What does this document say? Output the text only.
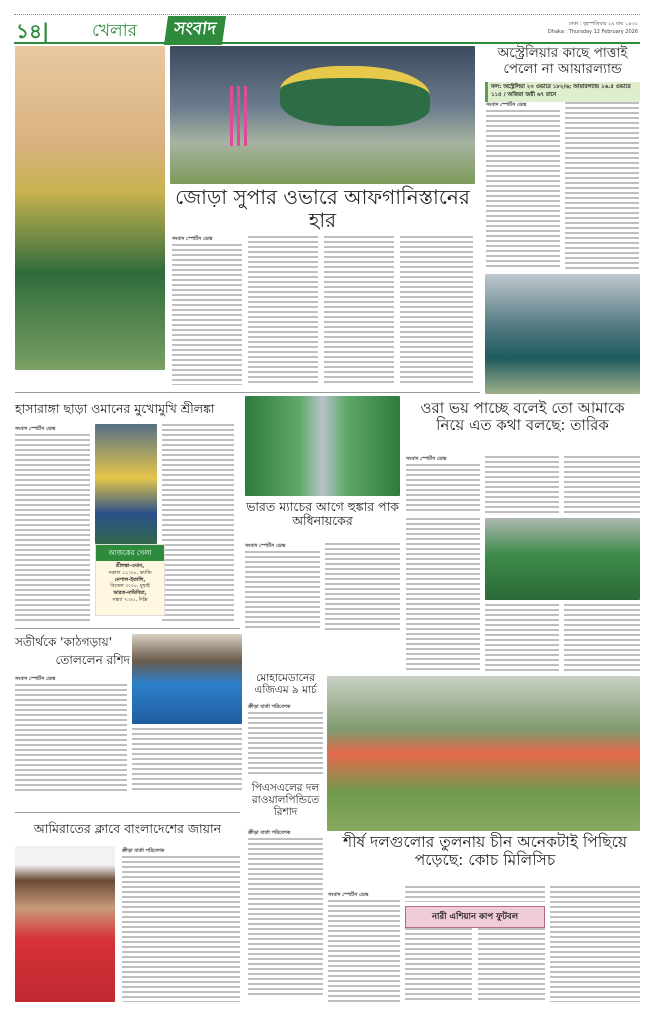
১৪|	খেলার	সংবাদ	ঢাকা : বৃহস্পতিবার ২৯ মাঘ ১৪৩২
Dhaka : Thursday 12 February 2026
জোড়া সুপার ওভারে আফগানিস্তানের হার
সংবাদ স্পোর্টস ডেস্ক
অস্ট্রেলিয়ার কাছে পাত্তাই পেলো না আয়ারল্যান্ড
ফল: অস্ট্রেলিয়া ২০ ওভারে ১৮২/৬; আয়ারল্যান্ড ১৬.৫ ওভারে ১১৫ / অজিরা জয়ী ৬৭ রানে
সংবাদ স্পোর্টস ডেস্ক
হাসারাঙ্গা ছাড়া ওমানের মুখোমুখি শ্রীলঙ্কা
সংবাদ স্পোর্টস ডেস্ক
আজকের খেলা
শ্রীলঙ্কা-ওমান,
সকাল ১১:৩০, ক্যান্ডি
নেপাল-ইতালি,
বিকেল ৩:৩০, মুম্বাই
ভারত-নামিবিয়া,
সন্ধ্যা ৭:৩০, দিল্লি
ভারত ম্যাচের আগে হুঙ্কার পাক অধিনায়কের
সংবাদ স্পোর্টস ডেস্ক
ওরা ভয় পাচ্ছে বলেই তো আমাকে নিয়ে এত কথা বলছে: তারিক
সংবাদ স্পোর্টস ডেস্ক
সতীর্থকে 'কাঠগড়ায়'
তোললেন রশিদ
সংবাদ স্পোর্টস ডেস্ক	মোহামেডানের এজিএম ৯ মার্চ
ক্রীড়া বার্তা পরিবেশক
পিএসএলের দল রাওয়ালপিন্ডিতে রিশাদ
ক্রীড়া বার্তা পরিবেশক
আমিরাতের ক্লাবে বাংলাদেশের জায়ান
ক্রীড়া বার্তা পরিবেশক	শীর্ষ দলগুলোর তুলনায় চীন অনেকটাই পিছিয়ে পড়েছে: কোচ মিলিসিচ
সংবাদ স্পোর্টস ডেস্ক
নারী এশিয়ান কাপ ফুটবল
